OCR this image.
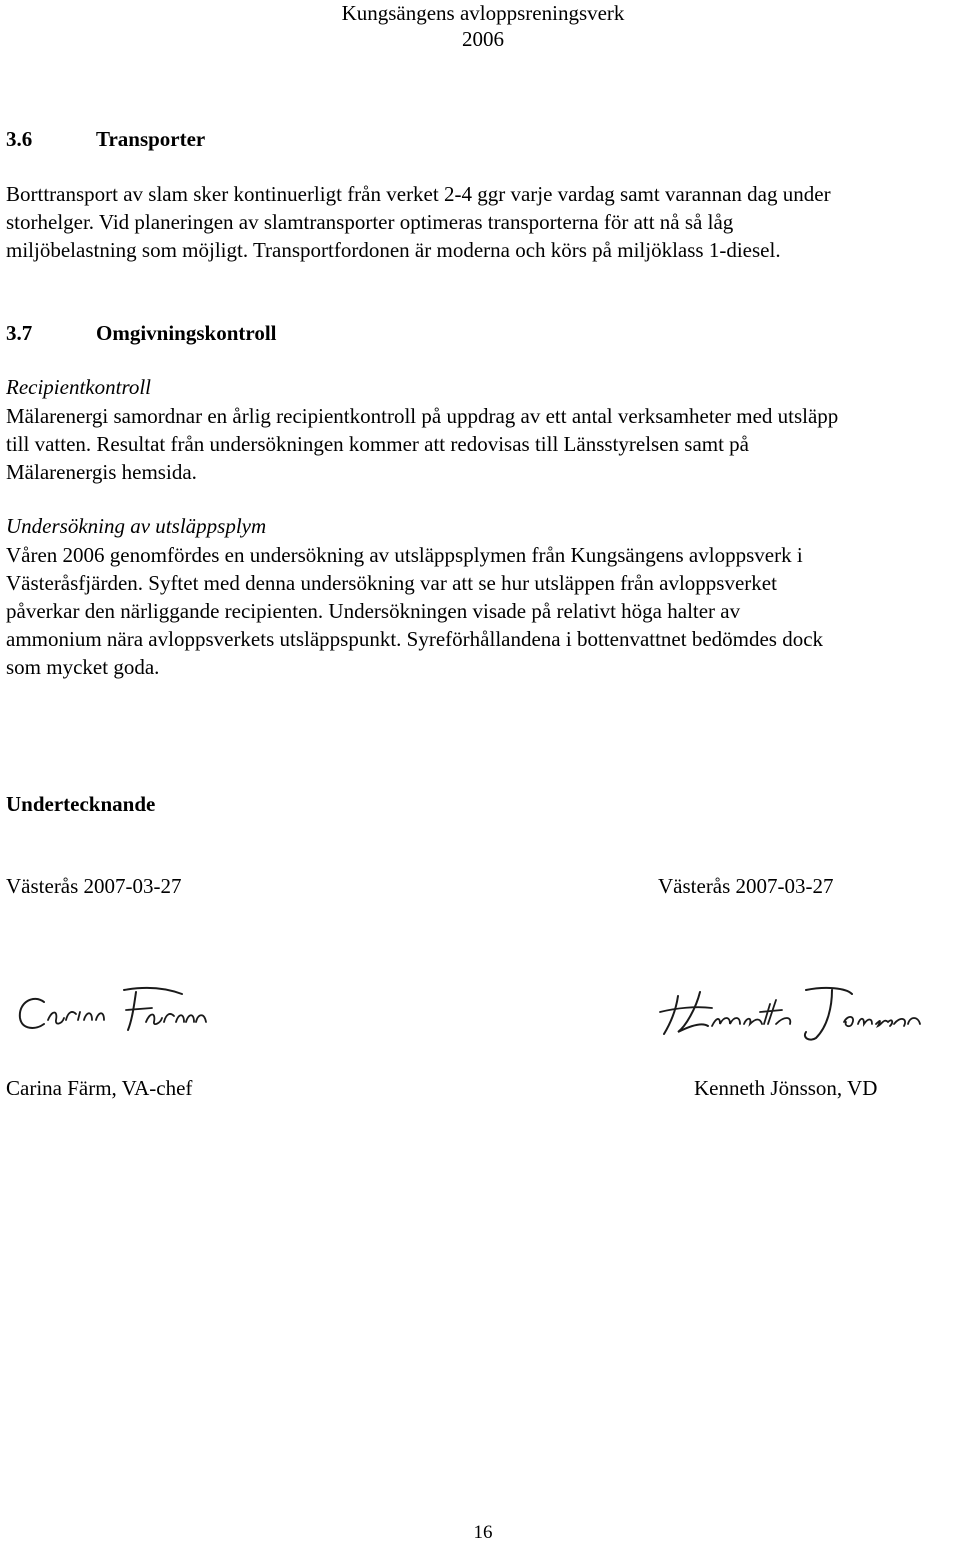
Kungsängens avloppsreningsverk
2006
3.6	Transporter
Borttransport av slam sker kontinuerligt från verket 2-4 ggr varje vardag samt varannan dag under
storhelger. Vid planeringen av slamtransporter optimeras transporterna för att nå så låg
miljöbelastning som möjligt. Transportfordonen är moderna och körs på miljöklass 1-diesel.
3.7	Omgivningskontroll
Recipientkontroll
Mälarenergi samordnar en årlig recipientkontroll på uppdrag av ett antal verksamheter med utsläpp
till vatten. Resultat från undersökningen kommer att redovisas till Länsstyrelsen samt på
Mälarenergis hemsida.
Undersökning av utsläppsplym
Våren 2006 genomfördes en undersökning av utsläppsplymen från Kungsängens avloppsverk i
Västeråsfjärden. Syftet med denna undersökning var att se hur utsläppen från avloppsverket
påverkar den närliggande recipienten. Undersökningen visade på relativt höga halter av
ammonium nära avloppsverkets utsläppspunkt. Syreförhållandena i bottenvattnet bedömdes dock
som mycket goda.
Undertecknande
Västerås 2007-03-27	Västerås 2007-03-27
Carina Färm, VA-chef	Kenneth Jönsson, VD
16
